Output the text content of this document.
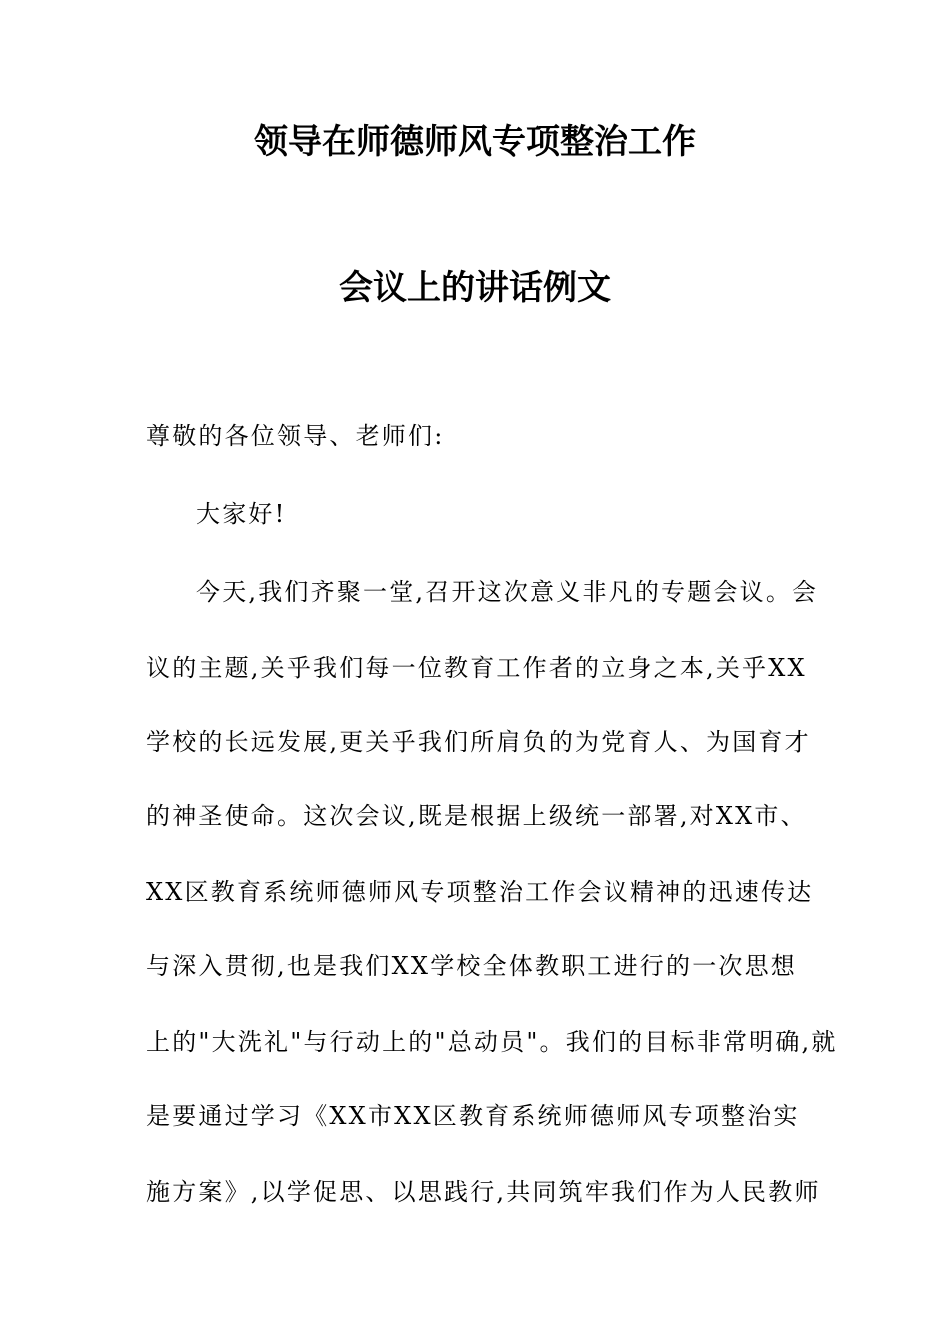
领导在师德师风专项整治工作
会议上的讲话例文
尊敬的各位领导、老师们:
大家好!
今天,我们齐聚一堂,召开这次意义非凡的专题会议。会
议的主题,关乎我们每一位教育工作者的立身之本,关乎XX
学校的长远发展,更关乎我们所肩负的为党育人、为国育才
的神圣使命。这次会议,既是根据上级统一部署,对XX市、
XX区教育系统师德师风专项整治工作会议精神的迅速传达
与深入贯彻,也是我们XX学校全体教职工进行的一次思想
上的"大洗礼"与行动上的"总动员"。我们的目标非常明确,就
是要通过学习《XX市XX区教育系统师德师风专项整治实
施方案》,以学促思、以思践行,共同筑牢我们作为人民教师
